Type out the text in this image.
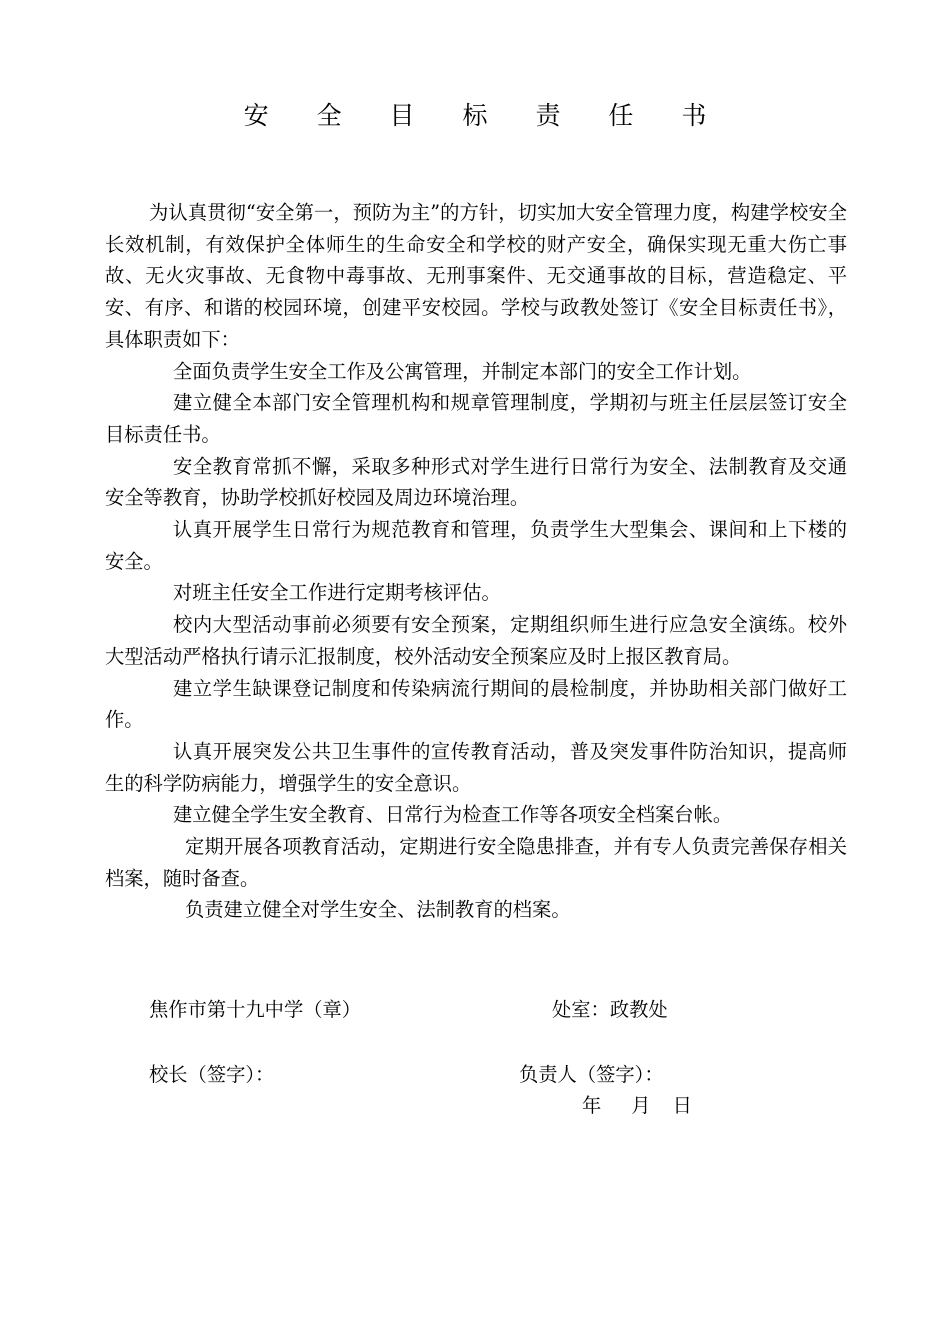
安 全 目 标 责 任 书

为认真贯彻“安全第一，预防为主”的方针，切实加大安全管理力度，构建学校安全长效机制，有效保护全体师生的生命安全和学校的财产安全，确保实现无重大伤亡事故、无火灾事故、无食物中毒事故、无刑事案件、无交通事故的目标，营造稳定、平安、有序、和谐的校园环境，创建平安校园。学校与政教处签订《安全目标责任书》，具体职责如下：

全面负责学生安全工作及公寓管理，并制定本部门的安全工作计划。

建立健全本部门安全管理机构和规章管理制度，学期初与班主任层层签订安全目标责任书。

安全教育常抓不懈，采取多种形式对学生进行日常行为安全、法制教育及交通安全等教育，协助学校抓好校园及周边环境治理。

认真开展学生日常行为规范教育和管理，负责学生大型集会、课间和上下楼的安全。

对班主任安全工作进行定期考核评估。

校内大型活动事前必须要有安全预案，定期组织师生进行应急安全演练。校外大型活动严格执行请示汇报制度，校外活动安全预案应及时上报区教育局。

建立学生缺课登记制度和传染病流行期间的晨检制度，并协助相关部门做好工作。

认真开展突发公共卫生事件的宣传教育活动，普及突发事件防治知识，提高师生的科学防病能力，增强学生的安全意识。

建立健全学生安全教育、日常行为检查工作等各项安全档案台帐。

定期开展各项教育活动，定期进行安全隐患排查，并有专人负责完善保存相关档案，随时备查。

负责建立健全对学生安全、法制教育的档案。

焦作市第十九中学（章）	处室：政教处
校长（签字）：	负责人（签字）：
年 月 日
